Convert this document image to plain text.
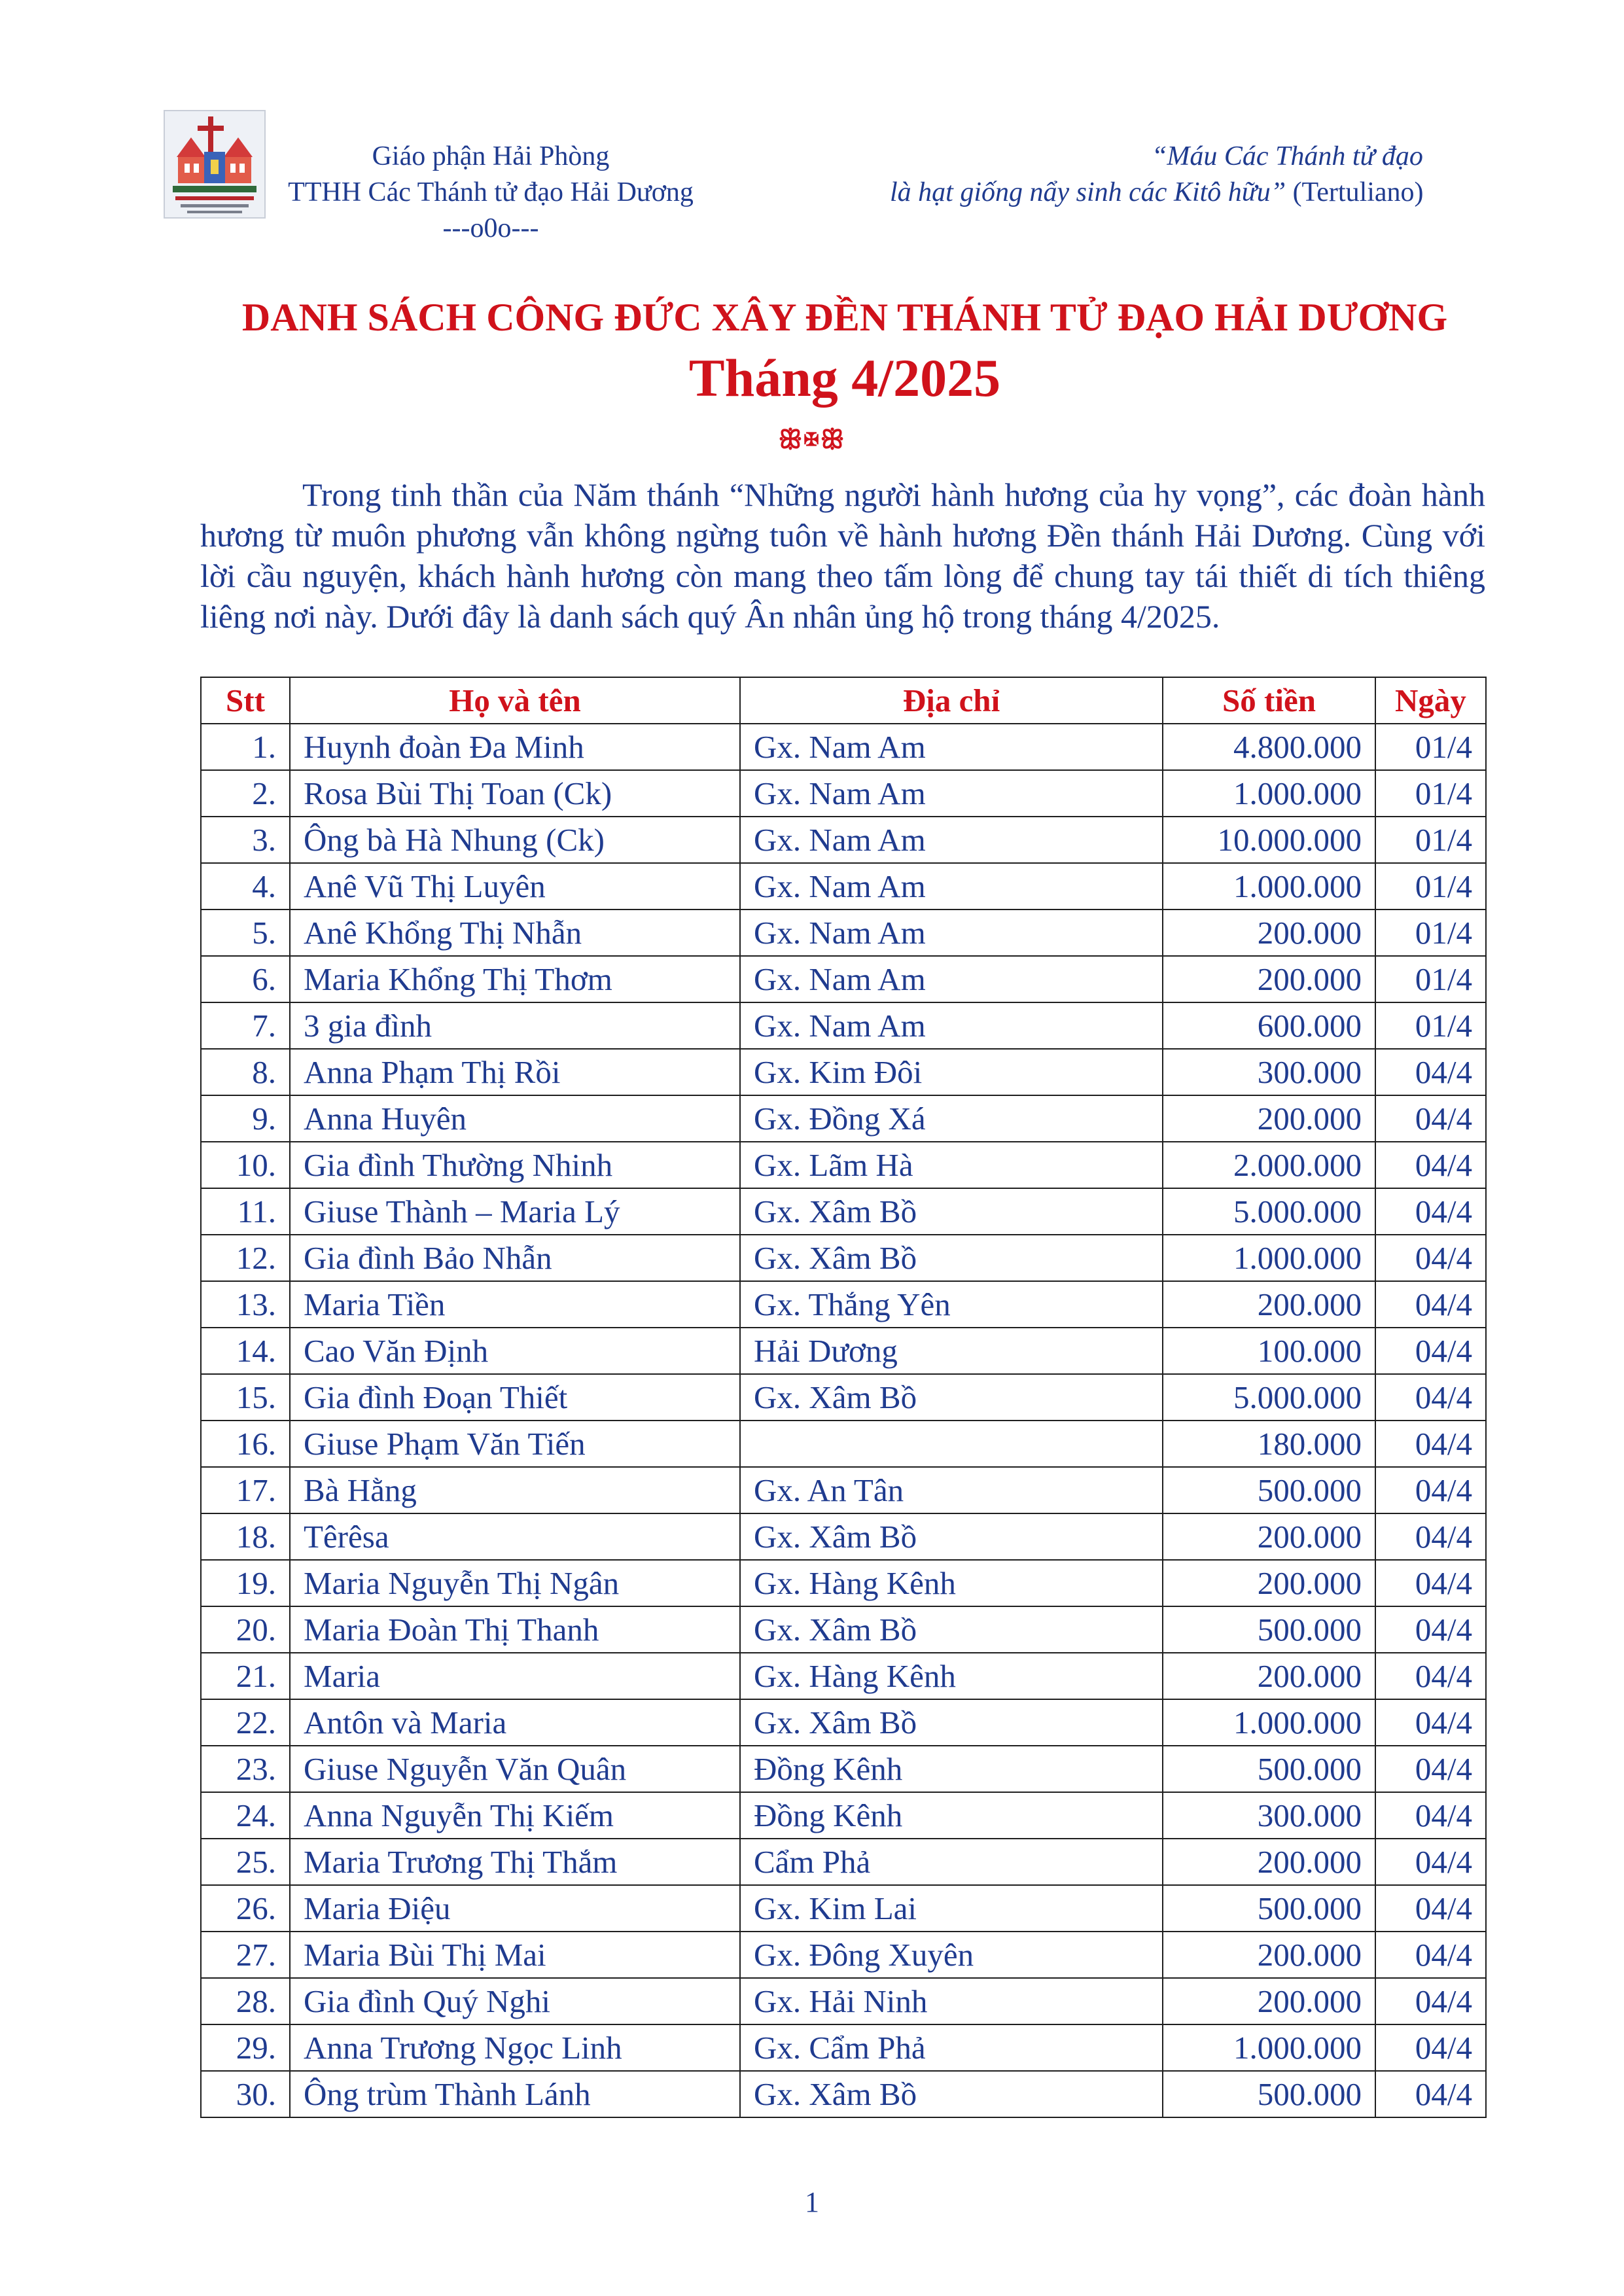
Giáo phận Hải Phòng
TTHH Các Thánh tử đạo Hải Dương
---o0o---
“Máu Các Thánh tử đạo
là hạt giống nẩy sinh các Kitô hữu” (Tertuliano)
DANH SÁCH CÔNG ĐỨC XÂY ĐỀN THÁNH TỬ ĐẠO HẢI DƯƠNG
Tháng 4/2025
ꕥ✠ꕥ
Trong tinh thần của Năm thánh “Những người hành hương của hy vọng”, các đoàn hành hương từ muôn phương vẫn không ngừng tuôn về hành hương Đền thánh Hải Dương. Cùng với lời cầu nguyện, khách hành hương còn mang theo tấm lòng để chung tay tái thiết di tích thiêng liêng nơi này. Dưới đây là danh sách quý Ân nhân ủng hộ trong tháng 4/2025.
Stt	Họ và tên	Địa chỉ	Số tiền	Ngày
1.	Huynh đoàn Đa Minh	Gx. Nam Am	4.800.000	01/4
2.	Rosa Bùi Thị Toan (Ck)	Gx. Nam Am	1.000.000	01/4
3.	Ông bà Hà Nhung (Ck)	Gx. Nam Am	10.000.000	01/4
4.	Anê Vũ Thị Luyên	Gx. Nam Am	1.000.000	01/4
5.	Anê Khổng Thị Nhẫn	Gx. Nam Am	200.000	01/4
6.	Maria Khổng Thị Thơm	Gx. Nam Am	200.000	01/4
7.	3 gia đình	Gx. Nam Am	600.000	01/4
8.	Anna Phạm Thị Rồi	Gx. Kim Đôi	300.000	04/4
9.	Anna Huyên	Gx. Đồng Xá	200.000	04/4
10.	Gia đình Thường Nhinh	Gx. Lãm Hà	2.000.000	04/4
11.	Giuse Thành – Maria Lý	Gx. Xâm Bồ	5.000.000	04/4
12.	Gia đình Bảo Nhẫn	Gx. Xâm Bồ	1.000.000	04/4
13.	Maria Tiền	Gx. Thắng Yên	200.000	04/4
14.	Cao Văn Định	Hải Dương	100.000	04/4
15.	Gia đình Đoạn Thiết	Gx. Xâm Bồ	5.000.000	04/4
16.	Giuse Phạm Văn Tiến		180.000	04/4
17.	Bà Hằng	Gx. An Tân	500.000	04/4
18.	Têrêsa	Gx. Xâm Bồ	200.000	04/4
19.	Maria Nguyễn Thị Ngân	Gx. Hàng Kênh	200.000	04/4
20.	Maria Đoàn Thị Thanh	Gx. Xâm Bồ	500.000	04/4
21.	Maria	Gx. Hàng Kênh	200.000	04/4
22.	Antôn và Maria	Gx. Xâm Bồ	1.000.000	04/4
23.	Giuse Nguyễn Văn Quân	Đồng Kênh	500.000	04/4
24.	Anna Nguyễn Thị Kiếm	Đồng Kênh	300.000	04/4
25.	Maria Trương Thị Thắm	Cẩm Phả	200.000	04/4
26.	Maria Điệu	Gx. Kim Lai	500.000	04/4
27.	Maria Bùi Thị Mai	Gx. Đông Xuyên	200.000	04/4
28.	Gia đình Quý Nghi	Gx. Hải Ninh	200.000	04/4
29.	Anna Trương Ngọc Linh	Gx. Cẩm Phả	1.000.000	04/4
30.	Ông trùm Thành Lánh	Gx. Xâm Bồ	500.000	04/4
1
